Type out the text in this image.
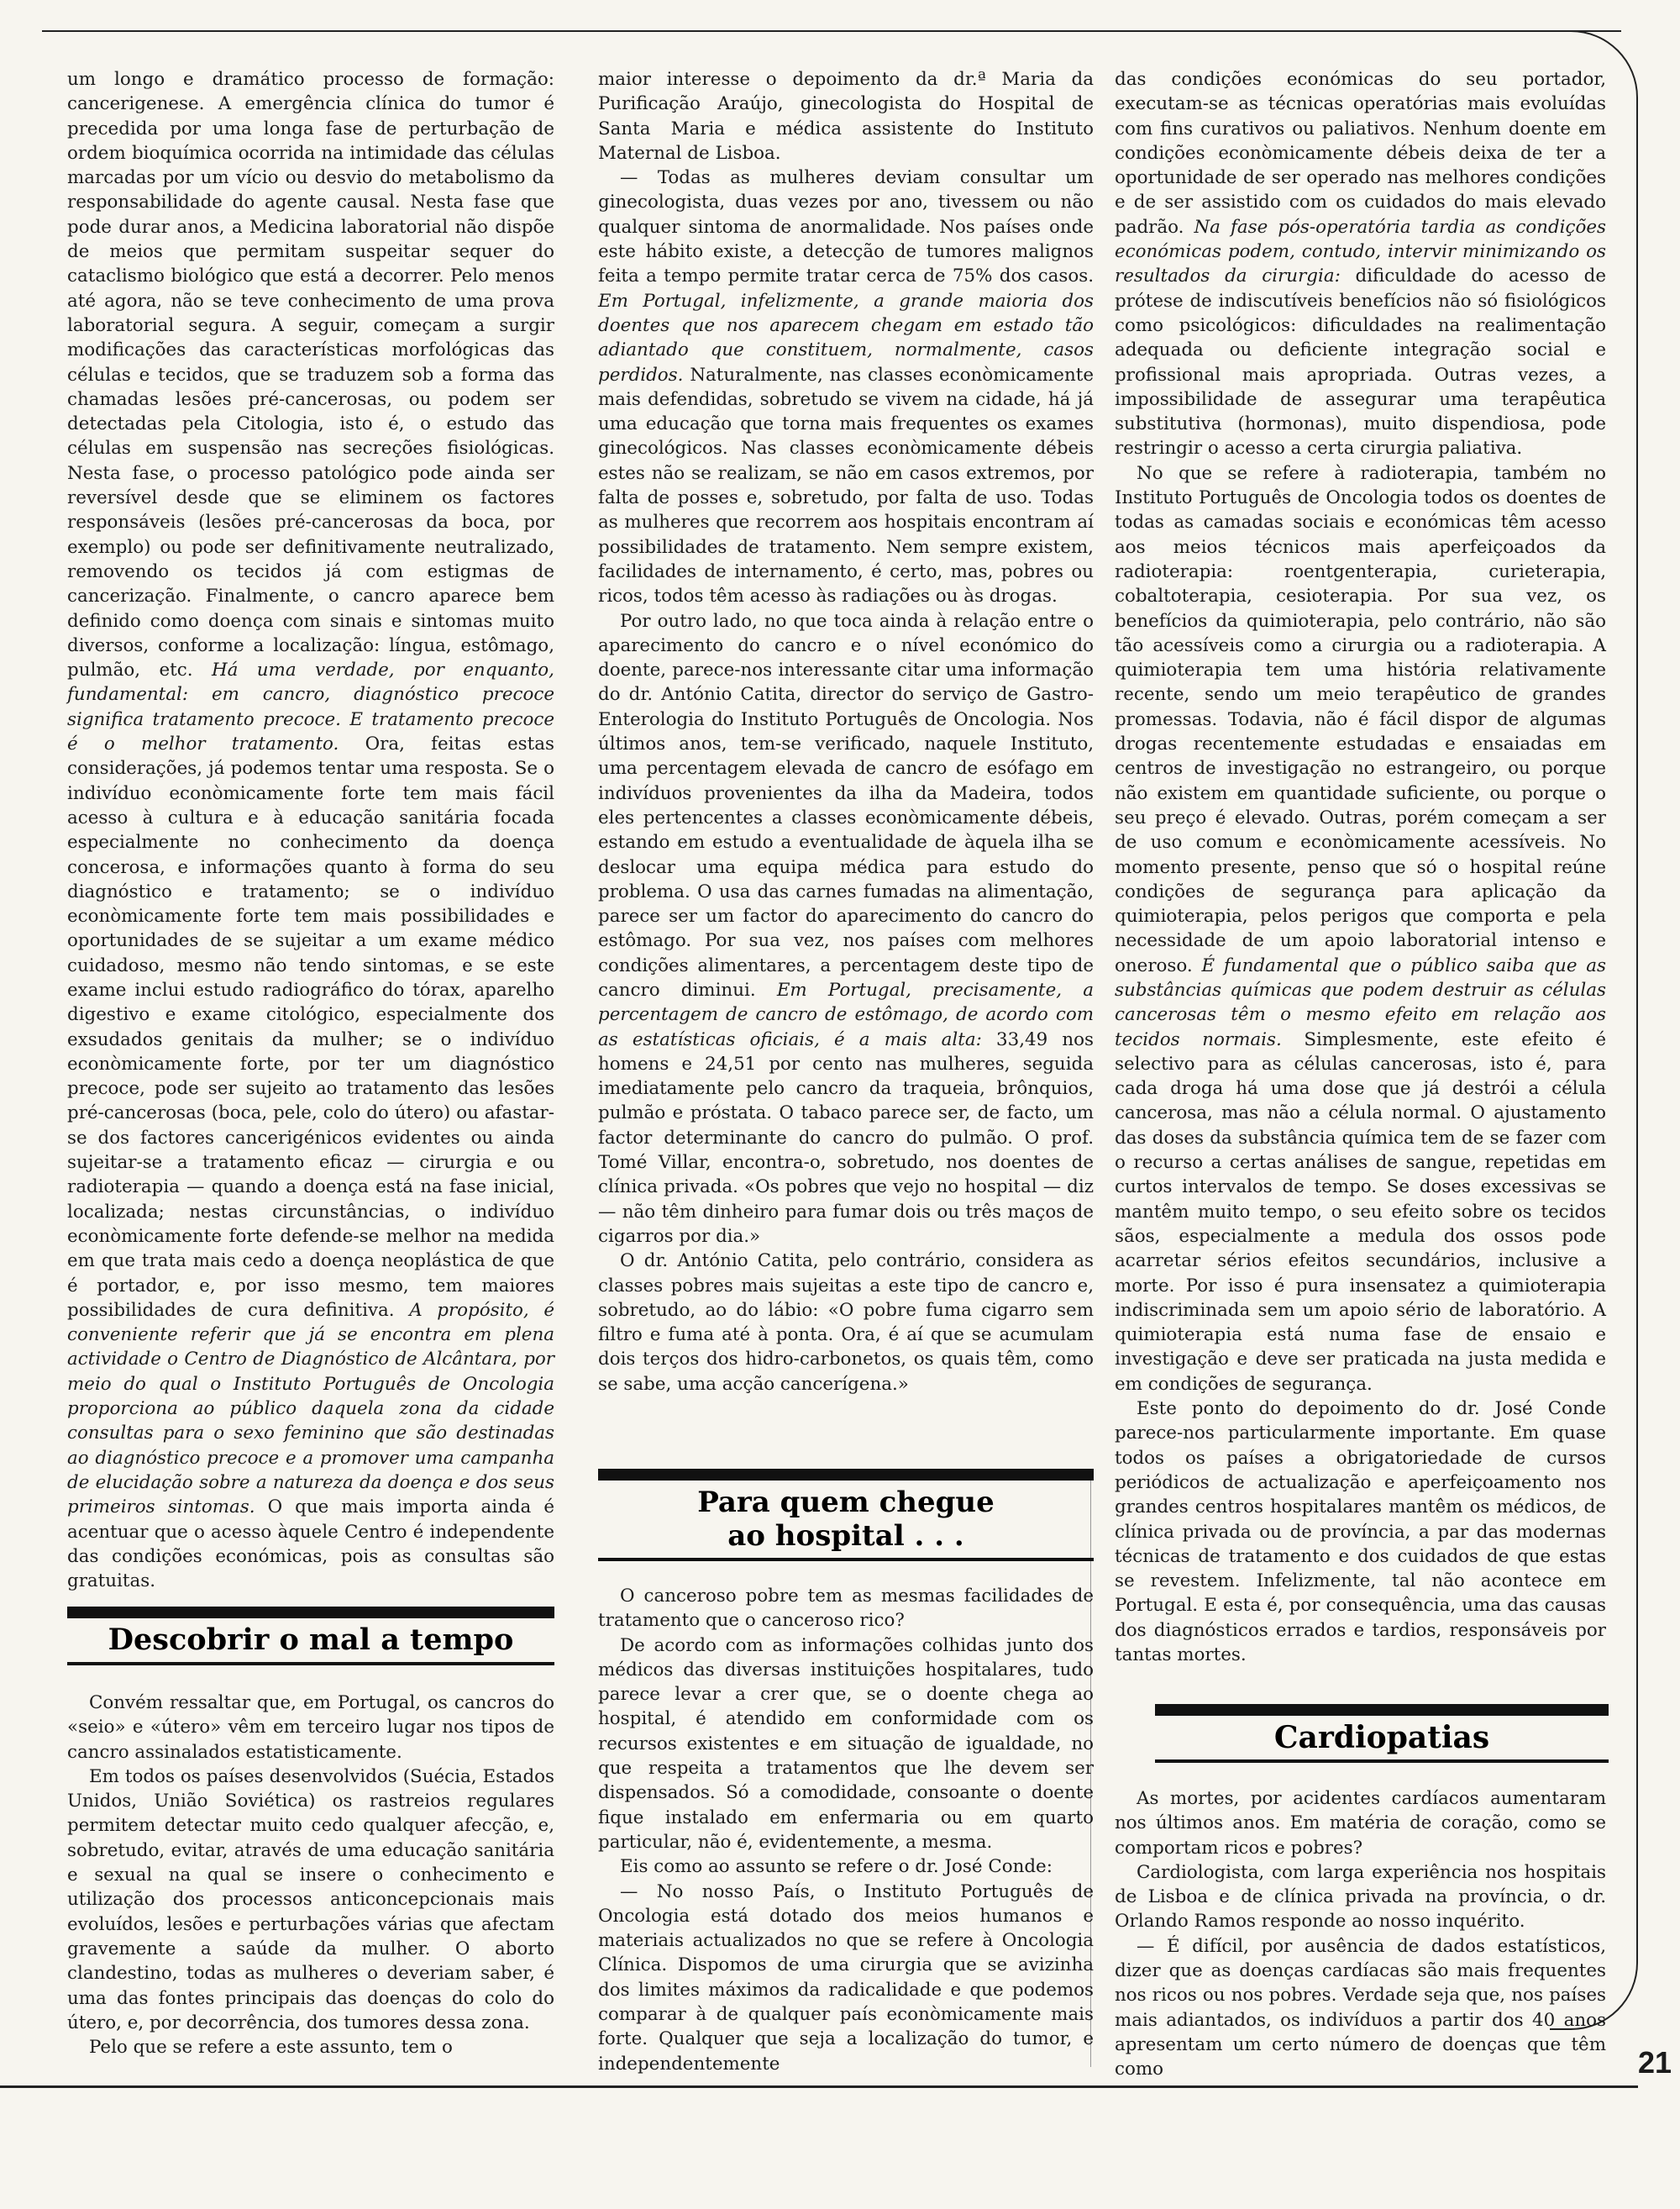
21

um longo e dramático processo de formação: cancerigenese. A emergência clínica do tumor é precedida por uma longa fase de perturbação de ordem bioquímica ocorrida na intimidade das células marcadas por um vício ou desvio do metabolismo da responsabilidade do agente causal. Nesta fase que pode durar anos, a Medicina laboratorial não dispõe de meios que permitam suspeitar sequer do cataclismo biológico que está a decorrer. Pelo menos até agora, não se teve conhecimento de uma prova laboratorial segura. A seguir, começam a surgir modificações das características morfológicas das células e tecidos, que se traduzem sob a forma das chamadas lesões pré-cancerosas, ou podem ser detectadas pela Citologia, isto é, o estudo das células em suspensão nas secreções fisiológicas. Nesta fase, o processo patológico pode ainda ser reversível desde que se eliminem os factores responsáveis (lesões pré-cancerosas da boca, por exemplo) ou pode ser definitivamente neutralizado, removendo os tecidos já com estigmas de cancerização. Finalmente, o cancro aparece bem definido como doença com sinais e sintomas muito diversos, conforme a localização: língua, estômago, pulmão, etc. Há uma verdade, por enquanto, fundamental: em cancro, diagnóstico precoce significa tratamento precoce. E tratamento precoce é o melhor tratamento. Ora, feitas estas considerações, já podemos tentar uma resposta. Se o indivíduo econòmicamente forte tem mais fácil acesso à cultura e à educação sanitária focada especialmente no conhecimento da doença concerosa, e informações quanto à forma do seu diagnóstico e tratamento; se o indivíduo econòmicamente forte tem mais possibilidades e oportunidades de se sujeitar a um exame médico cuidadoso, mesmo não tendo sintomas, e se este exame inclui estudo radiográfico do tórax, aparelho digestivo e exame citológico, especialmente dos exsudados genitais da mulher; se o indivíduo econòmicamente forte, por ter um diagnóstico precoce, pode ser sujeito ao tratamento das lesões pré-cancerosas (boca, pele, colo do útero) ou afastar-se dos factores cancerigénicos evidentes ou ainda sujeitar-se a tratamento eficaz — cirurgia e ou radioterapia — quando a doença está na fase inicial, localizada; nestas circunstâncias, o indivíduo econòmicamente forte defende-se melhor na medida em que trata mais cedo a doença neoplástica de que é portador, e, por isso mesmo, tem maiores possibilidades de cura definitiva. A propósito, é conveniente referir que já se encontra em plena actividade o Centro de Diagnóstico de Alcântara, por meio do qual o Instituto Português de Oncologia proporciona ao público daquela zona da cidade consultas para o sexo feminino que são destinadas ao diagnóstico precoce e a promover uma campanha de elucidação sobre a natureza da doença e dos seus primeiros sintomas. O que mais importa ainda é acentuar que o acesso àquele Centro é independente das condições económicas, pois as consultas são gratuitas.

Descobrir o mal a tempo

Convém ressaltar que, em Portugal, os cancros do «seio» e «útero» vêm em terceiro lugar nos tipos de cancro assinalados estatisticamente.

Em todos os países desenvolvidos (Suécia, Estados Unidos, União Soviética) os rastreios regulares permitem detectar muito cedo qualquer afecção, e, sobretudo, evitar, através de uma educação sanitária e sexual na qual se insere o conhecimento e utilização dos processos anticoncepcionais mais evoluídos, lesões e perturbações várias que afectam gravemente a saúde da mulher. O aborto clandestino, todas as mulheres o deveriam saber, é uma das fontes principais das doenças do colo do útero, e, por decorrência, dos tumores dessa zona.

Pelo que se refere a este assunto, tem o

maior interesse o depoimento da dr.ª Maria da Purificação Araújo, ginecologista do Hospital de Santa Maria e médica assistente do Instituto Maternal de Lisboa.

— Todas as mulheres deviam consultar um ginecologista, duas vezes por ano, tivessem ou não qualquer sintoma de anormalidade. Nos países onde este hábito existe, a detecção de tumores malignos feita a tempo permite tratar cerca de 75% dos casos. Em Portugal, infelizmente, a grande maioria dos doentes que nos aparecem chegam em estado tão adiantado que constituem, normalmente, casos perdidos. Naturalmente, nas classes econòmicamente mais defendidas, sobretudo se vivem na cidade, há já uma educação que torna mais frequentes os exames ginecológicos. Nas classes econòmicamente débeis estes não se realizam, se não em casos extremos, por falta de posses e, sobretudo, por falta de uso. Todas as mulheres que recorrem aos hospitais encontram aí possibilidades de tratamento. Nem sempre existem, facilidades de internamento, é certo, mas, pobres ou ricos, todos têm acesso às radiações ou às drogas.

Por outro lado, no que toca ainda à relação entre o aparecimento do cancro e o nível económico do doente, parece-nos interessante citar uma informação do dr. António Catita, director do serviço de Gastro-Enterologia do Instituto Português de Oncologia. Nos últimos anos, tem-se verificado, naquele Instituto, uma percentagem elevada de cancro de esófago em indivíduos provenientes da ilha da Madeira, todos eles pertencentes a classes econòmicamente débeis, estando em estudo a eventualidade de àquela ilha se deslocar uma equipa médica para estudo do problema. O usa das carnes fumadas na alimentação, parece ser um factor do aparecimento do cancro do estômago. Por sua vez, nos países com melhores condições alimentares, a percentagem deste tipo de cancro diminui. Em Portugal, precisamente, a percentagem de cancro de estômago, de acordo com as estatísticas oficiais, é a mais alta: 33,49 nos homens e 24,51 por cento nas mulheres, seguida imediatamente pelo cancro da traqueia, brônquios, pulmão e próstata. O tabaco parece ser, de facto, um factor determinante do cancro do pulmão. O prof. Tomé Villar, encontra-o, sobretudo, nos doentes de clínica privada. «Os pobres que vejo no hospital — diz — não têm dinheiro para fumar dois ou três maços de cigarros por dia.»

O dr. António Catita, pelo contrário, considera as classes pobres mais sujeitas a este tipo de cancro e, sobretudo, ao do lábio: «O pobre fuma cigarro sem filtro e fuma até à ponta. Ora, é aí que se acumulam dois terços dos hidro-carbonetos, os quais têm, como se sabe, uma acção cancerígena.»

Para quem chegue
ao hospital . . .

O canceroso pobre tem as mesmas facilidades de tratamento que o canceroso rico?

De acordo com as informações colhidas junto dos médicos das diversas instituições hospitalares, tudo parece levar a crer que, se o doente chega ao hospital, é atendido em conformidade com os recursos existentes e em situação de igualdade, no que respeita a tratamentos que lhe devem ser dispensados. Só a comodidade, consoante o doente fique instalado em enfermaria ou em quarto particular, não é, evidentemente, a mesma.

Eis como ao assunto se refere o dr. José Conde:

— No nosso País, o Instituto Português de Oncologia está dotado dos meios humanos e materiais actualizados no que se refere à Oncologia Clínica. Dispomos de uma cirurgia que se avizinha dos limites máximos da radicalidade e que podemos comparar à de qualquer país econòmicamente mais forte. Qualquer que seja a localização do tumor, e independentemente

das condições económicas do seu portador, executam-se as técnicas operatórias mais evoluídas com fins curativos ou paliativos. Nenhum doente em condições econòmicamente débeis deixa de ter a oportunidade de ser operado nas melhores condições e de ser assistido com os cuidados do mais elevado padrão. Na fase pós-operatória tardia as condições económicas podem, contudo, intervir minimizando os resultados da cirurgia: dificuldade do acesso de prótese de indiscutíveis benefícios não só fisiológicos como psicológicos: dificuldades na realimentação adequada ou deficiente integração social e profissional mais apropriada. Outras vezes, a impossibilidade de assegurar uma terapêutica substitutiva (hormonas), muito dispendiosa, pode restringir o acesso a certa cirurgia paliativa.

No que se refere à radioterapia, também no Instituto Português de Oncologia todos os doentes de todas as camadas sociais e económicas têm acesso aos meios técnicos mais aperfeiçoados da radioterapia: roentgenterapia, curieterapia, cobaltoterapia, cesioterapia. Por sua vez, os benefícios da quimioterapia, pelo contrário, não são tão acessíveis como a cirurgia ou a radioterapia. A quimioterapia tem uma história relativamente recente, sendo um meio terapêutico de grandes promessas. Todavia, não é fácil dispor de algumas drogas recentemente estudadas e ensaiadas em centros de investigação no estrangeiro, ou porque não existem em quantidade suficiente, ou porque o seu preço é elevado. Outras, porém começam a ser de uso comum e econòmicamente acessíveis. No momento presente, penso que só o hospital reúne condições de segurança para aplicação da quimioterapia, pelos perigos que comporta e pela necessidade de um apoio laboratorial intenso e oneroso. É fundamental que o público saiba que as substâncias químicas que podem destruir as células cancerosas têm o mesmo efeito em relação aos tecidos normais. Simplesmente, este efeito é selectivo para as células cancerosas, isto é, para cada droga há uma dose que já destrói a célula cancerosa, mas não a célula normal. O ajustamento das doses da substância química tem de se fazer com o recurso a certas análises de sangue, repetidas em curtos intervalos de tempo. Se doses excessivas se mantêm muito tempo, o seu efeito sobre os tecidos sãos, especialmente a medula dos ossos pode acarretar sérios efeitos secundários, inclusive a morte. Por isso é pura insensatez a quimioterapia indiscriminada sem um apoio sério de laboratório. A quimioterapia está numa fase de ensaio e investigação e deve ser praticada na justa medida e em condições de segurança.

Este ponto do depoimento do dr. José Conde parece-nos particularmente importante. Em quase todos os países a obrigatoriedade de cursos periódicos de actualização e aperfeiçoamento nos grandes centros hospitalares mantêm os médicos, de clínica privada ou de província, a par das modernas técnicas de tratamento e dos cuidados de que estas se revestem. Infelizmente, tal não acontece em Portugal. E esta é, por consequência, uma das causas dos diagnósticos errados e tardios, responsáveis por tantas mortes.

Cardiopatias

As mortes, por acidentes cardíacos aumentaram nos últimos anos. Em matéria de coração, como se comportam ricos e pobres?

Cardiologista, com larga experiência nos hospitais de Lisboa e de clínica privada na província, o dr. Orlando Ramos responde ao nosso inquérito.

— É difícil, por ausência de dados estatísticos, dizer que as doenças cardíacas são mais frequentes nos ricos ou nos pobres. Verdade seja que, nos países mais adiantados, os indivíduos a partir dos 40 anos apresentam um certo número de doenças que têm como
